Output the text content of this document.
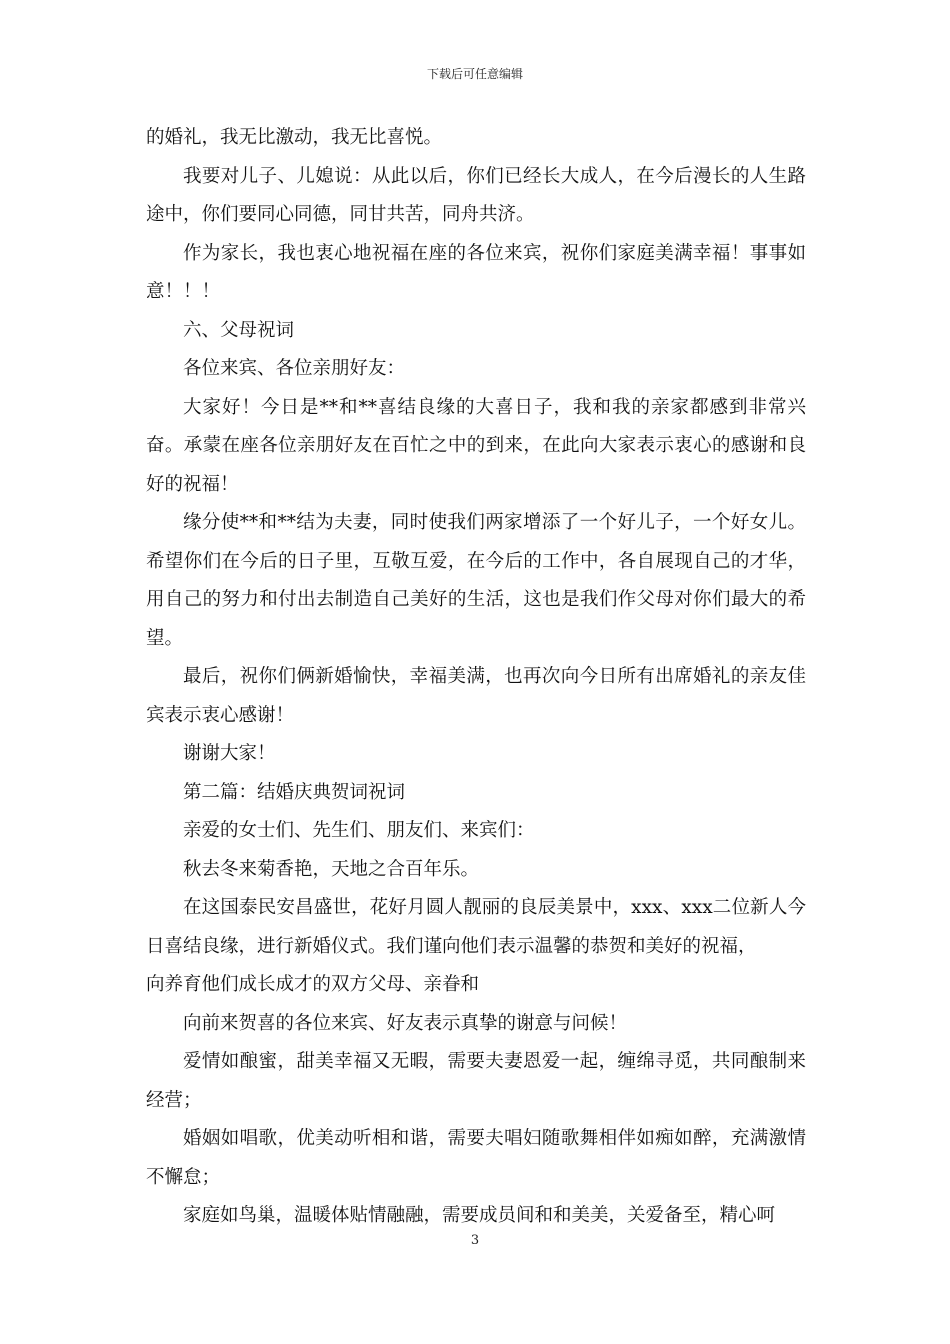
下载后可任意编辑

的婚礼，我无比激动，我无比喜悦。

我要对儿子、儿媳说：从此以后，你们已经长大成人，在今后漫长的人生路途中，你们要同心同德，同甘共苦，同舟共济。

作为家长，我也衷心地祝福在座的各位来宾，祝你们家庭美满幸福！事事如意！！！

六、父母祝词

各位来宾、各位亲朋好友：

大家好！今日是**和**喜结良缘的大喜日子，我和我的亲家都感到非常兴奋。承蒙在座各位亲朋好友在百忙之中的到来，在此向大家表示衷心的感谢和良好的祝福！

缘分使**和**结为夫妻，同时使我们两家增添了一个好儿子，一个好女儿。希望你们在今后的日子里，互敬互爱，在今后的工作中，各自展现自己的才华，用自己的努力和付出去制造自己美好的生活，这也是我们作父母对你们最大的希望。

最后，祝你们俩新婚愉快，幸福美满，也再次向今日所有出席婚礼的亲友佳宾表示衷心感谢！

谢谢大家！

第二篇：结婚庆典贺词祝词

亲爱的女士们、先生们、朋友们、来宾们：

秋去冬来菊香艳，天地之合百年乐。

在这国泰民安昌盛世，花好月圆人靓丽的良辰美景中，xxx、xxx二位新人今日喜结良缘，进行新婚仪式。我们谨向他们表示温馨的恭贺和美好的祝福，

向养育他们成长成才的双方父母、亲眷和

向前来贺喜的各位来宾、好友表示真挚的谢意与问候！

爱情如酿蜜，甜美幸福又无暇，需要夫妻恩爱一起，缠绵寻觅，共同酿制来经营；

婚姻如唱歌，优美动听相和谐，需要夫唱妇随歌舞相伴如痴如醉，充满激情不懈怠；

家庭如鸟巢，温暖体贴情融融，需要成员间和和美美，关爱备至，精心呵

3
